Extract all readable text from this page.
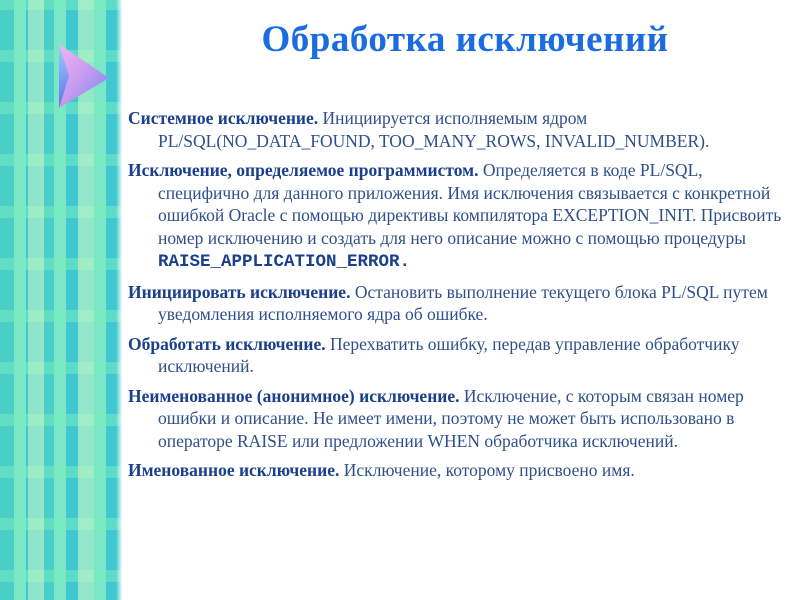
Обработка исключений

Системное исключение. Инициируется исполняемым ядром PL/SQL(NO_DATA_FOUND, TOO_MANY_ROWS, INVALID_NUMBER).

Исключение, определяемое программистом. Определяется в коде PL/SQL, специфично для данного приложения. Имя исключения связывается с конкретной ошибкой Oracle с помощью директивы компилятора EXCEPTION_INIT. Присвоить номер исключению и создать для него описание можно с помощью процедуры RAISE_APPLICATION_ERROR.

Инициировать исключение. Остановить выполнение текущего блока PL/SQL путем уведомления исполняемого ядра об ошибке.

Обработать исключение. Перехватить ошибку, передав управление обработчику исключений.

Неименованное (анонимное) исключение. Исключение, с которым связан номер ошибки и описание. Не имеет имени, поэтому не может быть использовано в операторе RAISE или предложении WHEN обработчика исключений.

Именованное исключение. Исключение, которому присвоено имя.
